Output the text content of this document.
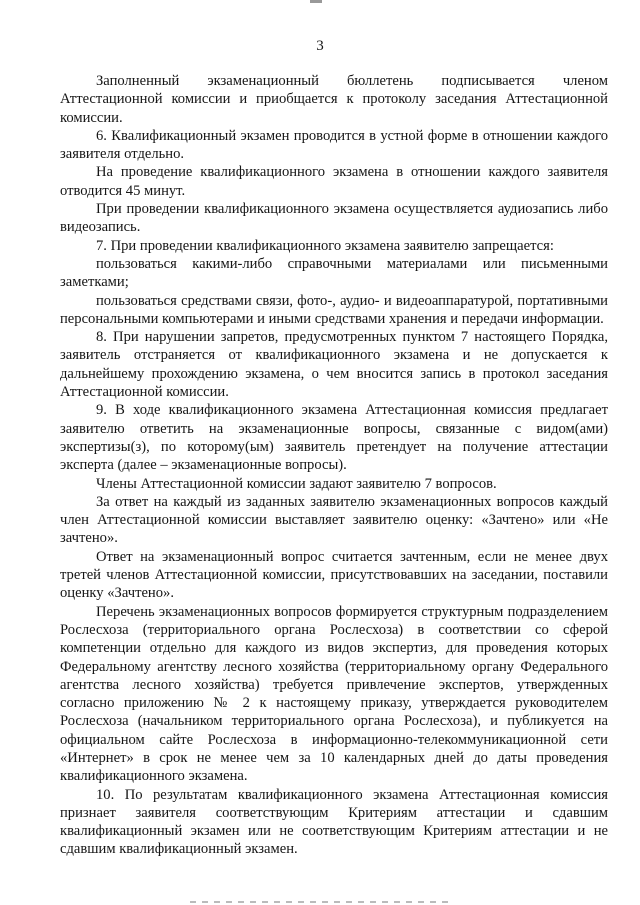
3

Заполненный экзаменационный бюллетень подписывается членом Аттестационной комиссии и приобщается к протоколу заседания Аттестационной комиссии.

6. Квалификационный экзамен проводится в устной форме в отношении каждого заявителя отдельно.

На проведение квалификационного экзамена в отношении каждого заявителя отводится 45 минут.

При проведении квалификационного экзамена осуществляется аудиозапись либо видеозапись.

7. При проведении квалификационного экзамена заявителю запрещается:

пользоваться какими-либо справочными материалами или письменными заметками;

пользоваться средствами связи, фото-, аудио- и видеоаппаратурой, портативными персональными компьютерами и иными средствами хранения и передачи информации.

8. При нарушении запретов, предусмотренных пунктом 7 настоящего Порядка, заявитель отстраняется от квалификационного экзамена и не допускается к дальнейшему прохождению экзамена, о чем вносится запись в протокол заседания Аттестационной комиссии.

9. В ходе квалификационного экзамена Аттестационная комиссия предлагает заявителю ответить на экзаменационные вопросы, связанные с видом(ами) экспертизы(з), по которому(ым) заявитель претендует на получение аттестации эксперта (далее – экзаменационные вопросы).

Члены Аттестационной комиссии задают заявителю 7 вопросов.

За ответ на каждый из заданных заявителю экзаменационных вопросов каждый член Аттестационной комиссии выставляет заявителю оценку: «Зачтено» или «Не зачтено».

Ответ на экзаменационный вопрос считается зачтенным, если не менее двух третей членов Аттестационной комиссии, присутствовавших на заседании, поставили оценку «Зачтено».

Перечень экзаменационных вопросов формируется структурным подразделением Рослесхоза (территориального органа Рослесхоза) в соответствии со сферой компетенции отдельно для каждого из видов экспертиз, для проведения которых Федеральному агентству лесного хозяйства (территориальному органу Федерального агентства лесного хозяйства) требуется привлечение экспертов, утвержденных согласно приложению № 2 к настоящему приказу, утверждается руководителем Рослесхоза (начальником территориального органа Рослесхоза), и публикуется на официальном сайте Рослесхоза в информационно-телекоммуникационной сети «Интернет» в срок не менее чем за 10 календарных дней до даты проведения квалификационного экзамена.

10. По результатам квалификационного экзамена Аттестационная комиссия признает заявителя соответствующим Критериям аттестации и сдавшим квалификационный экзамен или не соответствующим Критериям аттестации и не сдавшим квалификационный экзамен.
